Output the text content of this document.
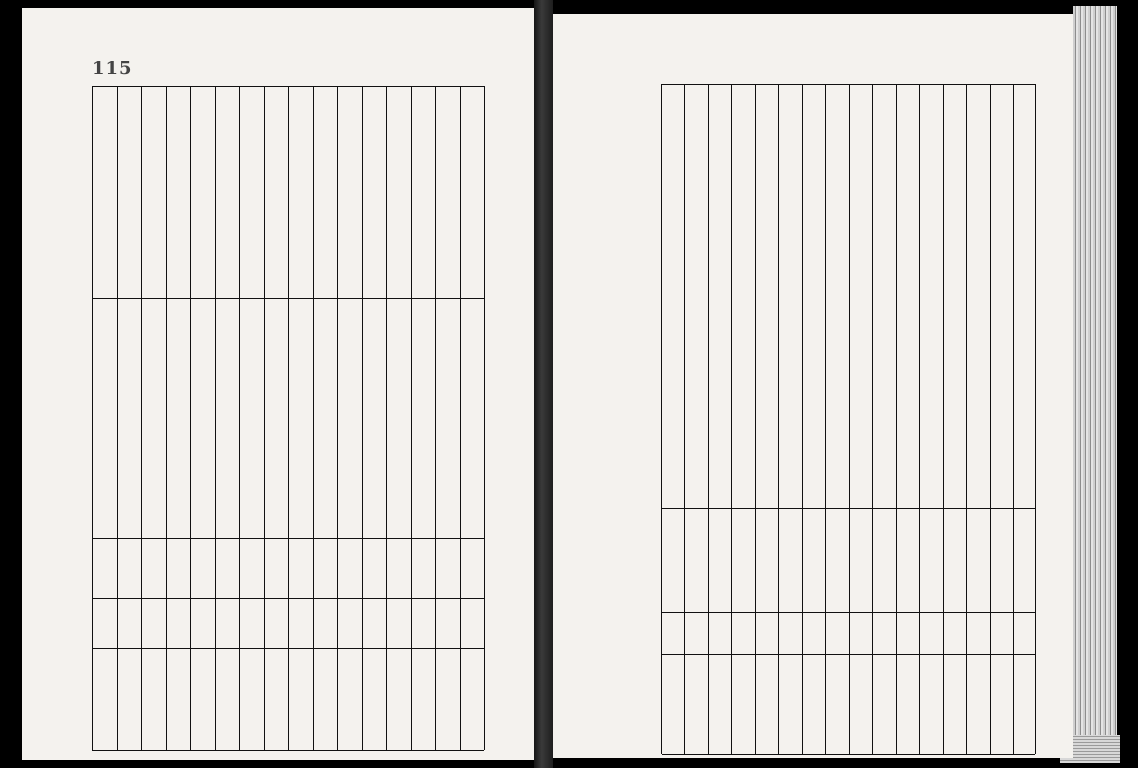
115
